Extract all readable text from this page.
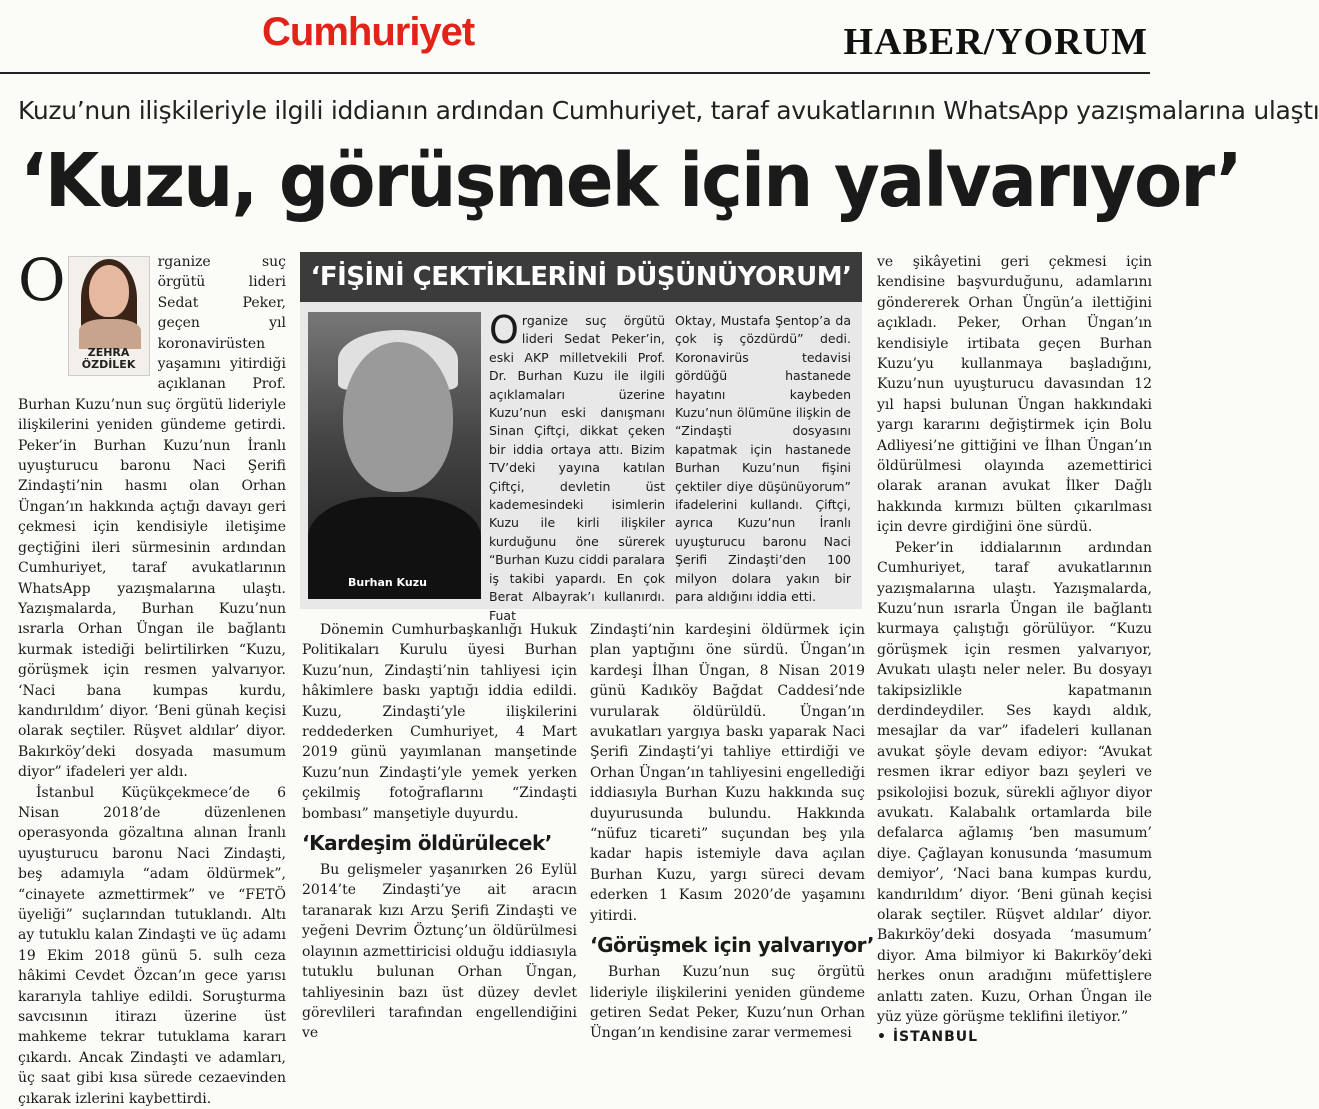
Cumhuriyet	HABER/YORUM
Kuzu’nun ilişkileriyle ilgili iddianın ardından Cumhuriyet, taraf avukatlarının WhatsApp yazışmalarına ulaştı
‘Kuzu, görüşmek için yalvarıyor’
O
ZEHRA
ÖZDİLEK

rganize suç örgütü lideri Sedat Peker, geçen yıl koronavirüsten yaşamını yitirdiği açıklanan Prof. Burhan Kuzu’nun suç örgütü lideriyle ilişkilerini yeniden gündeme getirdi. Peker’in Burhan Kuzu’nun İranlı uyuşturucu baronu Naci Şerifi Zindaşti’nin hasmı olan Orhan Üngan’ın hakkında açtığı davayı geri çekmesi için kendisiyle iletişime geçtiğini ileri sürmesinin ardından Cumhuriyet, taraf avukatlarının WhatsApp yazışmalarına ulaştı. Yazışmalarda, Burhan Kuzu’nun ısrarla Orhan Üngan ile bağlantı kurmak istediği belirtilirken “Kuzu, görüşmek için resmen yalvarıyor. ‘Naci bana kumpas kurdu, kandırıldım’ diyor. ‘Beni günah keçisi olarak seçtiler. Rüşvet aldılar’ diyor. Bakırköy’deki dosyada masumum diyor” ifadeleri yer aldı.

İstanbul Küçükçekmece’de 6 Nisan 2018’de düzenlenen operasyonda gözaltına alınan İranlı uyuşturucu baronu Naci Zindaşti, beş adamıyla “adam öldürmek”, “cinayete azmettirmek” ve “FETÖ üyeliği” suçlarından tutuklandı. Altı ay tutuklu kalan Zindaşti ve üç adamı 19 Ekim 2018 günü 5. sulh ceza hâkimi Cevdet Özcan’ın gece yarısı kararıyla tahliye edildi. Soruşturma savcısının itirazı üzerine üst mahkeme tekrar tutuklama kararı çıkardı. Ancak Zindaşti ve adamları, üç saat gibi kısa sürede cezaevinden çıkarak izlerini kaybettirdi.

‘FİŞİNİ ÇEKTİKLERİNİ DÜŞÜNÜYORUM’
Burhan Kuzu
O rganize suç örgütü lideri Sedat Peker’in, eski AKP milletvekili Prof. Dr. Burhan Kuzu ile ilgili açıklamaları üzerine Kuzu’nun eski danışmanı Sinan Çiftçi, dikkat çeken bir iddia ortaya attı. Bizim TV’deki yayına katılan Çiftçi, devletin üst kademesindeki isimlerin Kuzu ile kirli ilişkiler kurduğunu öne sürerek “Burhan Kuzu ciddi paralara iş takibi yapardı. En çok Berat Albayrak’ı kullanırdı. Fuat
Oktay, Mustafa Şentop’a da çok iş çözdürdü” dedi. Koronavirüs tedavisi gördüğü hastanede hayatını kaybeden Kuzu’nun ölümüne ilişkin de “Zindaşti dosyasını kapatmak için hastanede Burhan Kuzu’nun fişini çektiler diye düşünüyorum” ifadelerini kullandı. Çiftçi, ayrıca Kuzu’nun İranlı uyuşturucu baronu Naci Şerifi Zindaşti’den 100 milyon dolara yakın bir para aldığını iddia etti.

Dönemin Cumhurbaşkanlığı Hukuk Politikaları Kurulu üyesi Burhan Kuzu’nun, Zindaşti’nin tahliyesi için hâkimlere baskı yaptığı iddia edildi. Kuzu, Zindaşti’yle ilişkilerini reddederken Cumhuriyet, 4 Mart 2019 günü yayımlanan manşetinde Kuzu’nun Zindaşti’yle yemek yerken çekilmiş fotoğraflarını “Zindaşti bombası” manşetiyle duyurdu.

‘Kardeşim öldürülecek’

Bu gelişmeler yaşanırken 26 Eylül 2014’te Zindaşti’ye ait aracın taranarak kızı Arzu Şerifi Zindaşti ve yeğeni Devrim Öztunç’un öldürülmesi olayının azmettiricisi olduğu iddiasıyla tutuklu bulunan Orhan Üngan, tahliyesinin bazı üst düzey devlet görevlileri tarafından engellendiğini ve

Zindaşti’nin kardeşini öldürmek için plan yaptığını öne sürdü. Üngan’ın kardeşi İlhan Üngan, 8 Nisan 2019 günü Kadıköy Bağdat Caddesi’nde vurularak öldürüldü. Üngan’ın avukatları yargıya baskı yaparak Naci Şerifi Zindaşti’yi tahliye ettirdiği ve Orhan Üngan’ın tahliyesini engellediği iddiasıyla Burhan Kuzu hakkında suç duyurusunda bulundu. Hakkında “nüfuz ticareti” suçundan beş yıla kadar hapis istemiyle dava açılan Burhan Kuzu, yargı süreci devam ederken 1 Kasım 2020’de yaşamını yitirdi.

‘Görüşmek için yalvarıyor’

Burhan Kuzu’nun suç örgütü lideriyle ilişkilerini yeniden gündeme getiren Sedat Peker, Kuzu’nun Orhan Üngan’ın kendisine zarar vermemesi

ve şikâyetini geri çekmesi için kendisine başvurduğunu, adamlarını göndererek Orhan Üngün’a ilettiğini açıkladı. Peker, Orhan Üngan’ın kendisiyle irtibata geçen Burhan Kuzu’yu kullanmaya başladığını, Kuzu’nun uyuşturucu davasından 12 yıl hapsi bulunan Üngan hakkındaki yargı kararını değiştirmek için Bolu Adliyesi’ne gittiğini ve İlhan Üngan’ın öldürülmesi olayında azemettirici olarak aranan avukat İlker Dağlı hakkında kırmızı bülten çıkarılması için devre girdiğini öne sürdü.

Peker’in iddialarının ardından Cumhuriyet, taraf avukatlarının yazışmalarına ulaştı. Yazışmalarda, Kuzu’nun ısrarla Üngan ile bağlantı kurmaya çalıştığı görülüyor. “Kuzu görüşmek için resmen yalvarıyor, Avukatı ulaştı neler neler. Bu dosyayı takipsizlikle kapatmanın derdindeydiler. Ses kaydı aldık, mesajlar da var” ifadeleri kullanan avukat şöyle devam ediyor: “Avukat resmen ikrar ediyor bazı şeyleri ve psikolojisi bozuk, sürekli ağlıyor diyor avukatı. Kalabalık ortamlarda bile defalarca ağlamış ‘ben masumum’ diye. Çağlayan konusunda ‘masumum demiyor’, ‘Naci bana kumpas kurdu, kandırıldım’ diyor. ‘Beni günah keçisi olarak seçtiler. Rüşvet aldılar’ diyor. Bakırköy’deki dosyada ‘masumum’ diyor. Ama bilmiyor ki Bakırköy’deki herkes onun aradığını müfettişlere anlattı zaten. Kuzu, Orhan Üngan ile yüz yüze görüşme teklifini iletiyor.”

• İSTANBUL
